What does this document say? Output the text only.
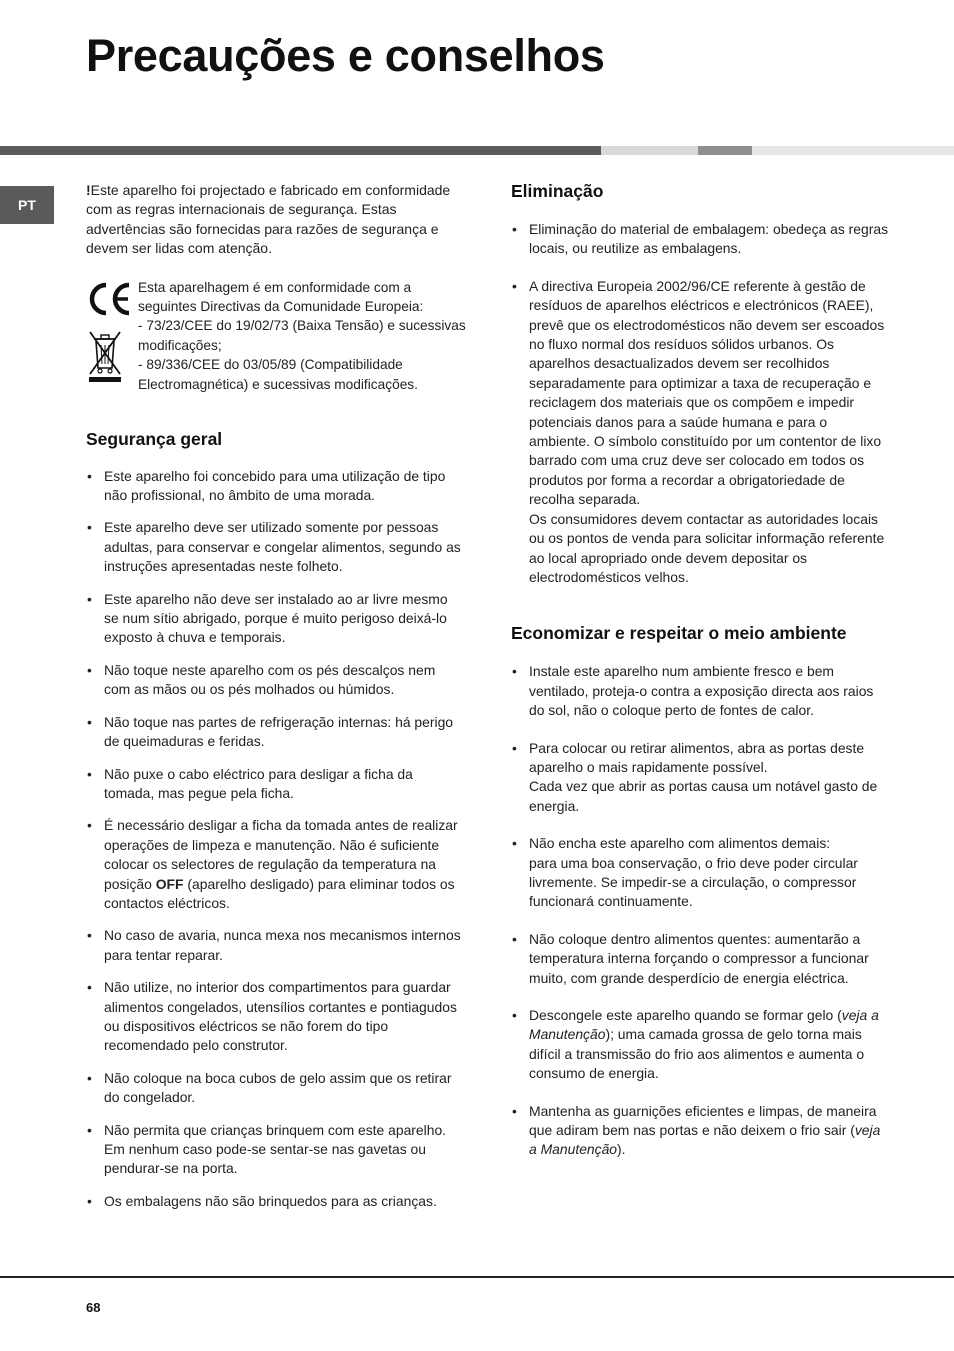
Precauções e conselhos
PT

!Este aparelho foi projectado e fabricado em conformidade com as regras internacionais de segurança. Estas advertências são fornecidas para razões de segurança e devem ser lidas com atenção.

Esta aparelhagem é em conformidade com a seguintes Directivas da Comunidade Europeia:
- 73/23/CEE do 19/02/73 (Baixa Tensão) e sucessivas modificações;
- 89/336/CEE do 03/05/89 (Compatibilidade Electromagnética) e sucessivas modificações.
Segurança geral
• Este aparelho foi concebido para uma utilização de tipo não profissional, no âmbito de uma morada.
• Este aparelho deve ser utilizado somente por pessoas adultas, para conservar e congelar alimentos, segundo as instruções apresentadas neste folheto.
• Este aparelho não deve ser instalado ao ar livre mesmo se num sítio abrigado, porque é muito perigoso deixá-lo exposto à chuva e temporais.
• Não toque neste aparelho com os pés descalços nem com as mãos ou os pés molhados ou húmidos.
• Não toque nas partes de refrigeração internas: há perigo de queimaduras e feridas.
• Não puxe o cabo eléctrico para desligar a ficha da tomada, mas pegue pela ficha.
• É necessário desligar a ficha da tomada antes de realizar operações de limpeza e manutenção. Não é suficiente colocar os selectores de regulação da temperatura na posição OFF (aparelho desligado) para eliminar todos os contactos eléctricos.
• No caso de avaria, nunca mexa nos mecanismos internos para tentar reparar.
• Não utilize, no interior dos compartimentos para guardar alimentos congelados, utensílios cortantes e pontiagudos ou dispositivos eléctricos se não forem do tipo recomendado pelo construtor.
• Não coloque na boca cubos de gelo assim que os retirar do congelador.
• Não permita que crianças brinquem com este aparelho. Em nenhum caso pode-se sentar-se nas gavetas ou pendurar-se na porta.
• Os embalagens não são brinquedos para as crianças.
Eliminação
• Eliminação do material de embalagem: obedeça as regras locais, ou reutilize as embalagens.

• A directiva Europeia 2002/96/CE referente à gestão de resíduos de aparelhos eléctricos e electrónicos (RAEE), prevê que os electrodomésticos não devem ser escoados no fluxo normal dos resíduos sólidos urbanos. Os aparelhos desactualizados devem ser recolhidos separadamente para optimizar a taxa de recuperação e reciclagem dos materiais que os compõem e impedir potenciais danos para a saúde humana e para o ambiente. O símbolo constituído por um contentor de lixo barrado com uma cruz deve ser colocado em todos os produtos por forma a recordar a obrigatoriedade de recolha separada.

Os consumidores devem contactar as autoridades locais ou os pontos de venda para solicitar informação referente ao local apropriado onde devem depositar os electrodomésticos velhos.

Economizar e respeitar o meio ambiente
• Instale este aparelho num ambiente fresco e bem ventilado, proteja-o contra a exposição directa aos raios do sol, não o coloque perto de fontes de calor.

• Para colocar ou retirar alimentos, abra as portas deste aparelho o mais rapidamente possível.

Cada vez que abrir as portas causa um notável gasto de energia.

• Não encha este aparelho com alimentos demais:

para uma boa conservação, o frio deve poder circular livremente. Se impedir-se a circulação, o compressor funcionará continuamente.

• Não coloque dentro alimentos quentes: aumentarão a temperatura interna forçando o compressor a funcionar muito, com grande desperdício de energia eléctrica.
• Descongele este aparelho quando se formar gelo (veja a Manutenção); uma camada grossa de gelo torna mais difícil a transmissão do frio aos alimentos e aumenta o consumo de energia.
• Mantenha as guarnições eficientes e limpas, de maneira que adiram bem nas portas e não deixem o frio sair (veja a Manutenção).
68
